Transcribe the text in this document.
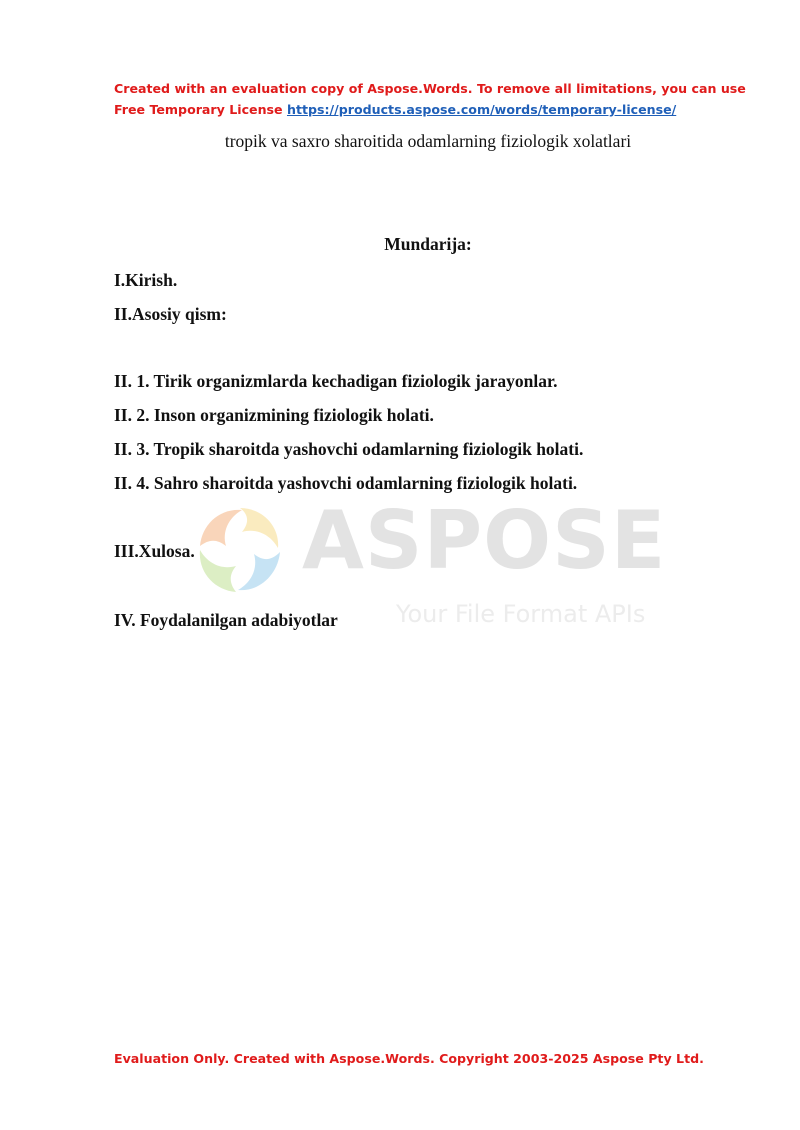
Created with an evaluation copy of Aspose.Words. To remove all limitations, you can use
Free Temporary License https://products.aspose.com/words/temporary-license/
ASPOSE
Your File Format APIs
tropik va saxro sharoitida odamlarning fiziologik xolatlari
Mundarija:
I.Kirish.
II.Asosiy qism:
II. 1. Tirik organizmlarda kechadigan fiziologik jarayonlar.
II. 2. Inson organizmining fiziologik holati.
II. 3. Tropik sharoitda yashovchi odamlarning fiziologik holati.
II. 4. Sahro sharoitda yashovchi odamlarning fiziologik holati.
III.Xulosa.
IV. Foydalanilgan adabiyotlar
Evaluation Only. Created with Aspose.Words. Copyright 2003-2025 Aspose Pty Ltd.
